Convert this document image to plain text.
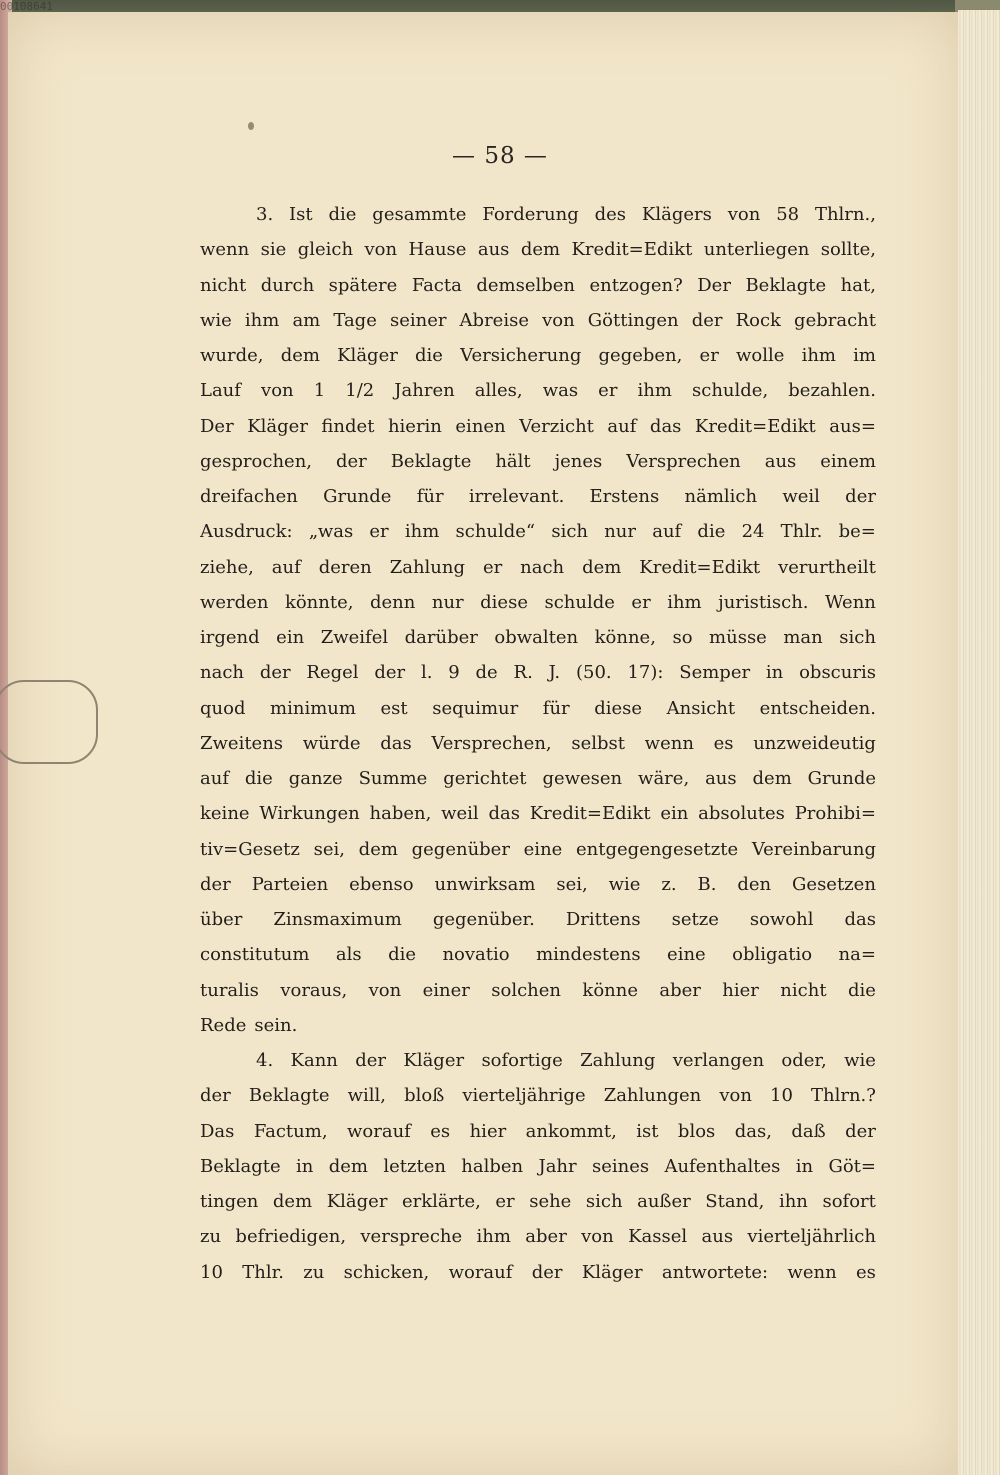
00108641
— 58 —
3. Ist die gesammte Forderung des Klägers von 58 Thlrn.,
wenn sie gleich von Hause aus dem Kredit=Edikt unterliegen sollte,
nicht durch spätere Facta demselben entzogen? Der Beklagte hat,
wie ihm am Tage seiner Abreise von Göttingen der Rock gebracht
wurde, dem Kläger die Versicherung gegeben, er wolle ihm im
Lauf von 1 1/2 Jahren alles, was er ihm schulde, bezahlen.
Der Kläger findet hierin einen Verzicht auf das Kredit=Edikt aus=
gesprochen, der Beklagte hält jenes Versprechen aus einem
dreifachen Grunde für irrelevant. Erstens nämlich weil der
Ausdruck: „was er ihm schulde“ sich nur auf die 24 Thlr. be=
ziehe, auf deren Zahlung er nach dem Kredit=Edikt verurtheilt
werden könnte, denn nur diese schulde er ihm juristisch. Wenn
irgend ein Zweifel darüber obwalten könne, so müsse man sich
nach der Regel der l. 9 de R. J. (50. 17): Semper in obscuris
quod minimum est sequimur für diese Ansicht entscheiden.
Zweitens würde das Versprechen, selbst wenn es unzweideutig
auf die ganze Summe gerichtet gewesen wäre, aus dem Grunde
keine Wirkungen haben, weil das Kredit=Edikt ein absolutes Prohibi=
tiv=Gesetz sei, dem gegenüber eine entgegengesetzte Vereinbarung
der Parteien ebenso unwirksam sei, wie z. B. den Gesetzen
über Zinsmaximum gegenüber. Drittens setze sowohl das
constitutum als die novatio mindestens eine obligatio na=
turalis voraus, von einer solchen könne aber hier nicht die
Rede sein.
4. Kann der Kläger sofortige Zahlung verlangen oder, wie
der Beklagte will, bloß vierteljährige Zahlungen von 10 Thlrn.?
Das Factum, worauf es hier ankommt, ist blos das, daß der
Beklagte in dem letzten halben Jahr seines Aufenthaltes in Göt=
tingen dem Kläger erklärte, er sehe sich außer Stand, ihn sofort
zu befriedigen, verspreche ihm aber von Kassel aus vierteljährlich
10 Thlr. zu schicken, worauf der Kläger antwortete: wenn es
